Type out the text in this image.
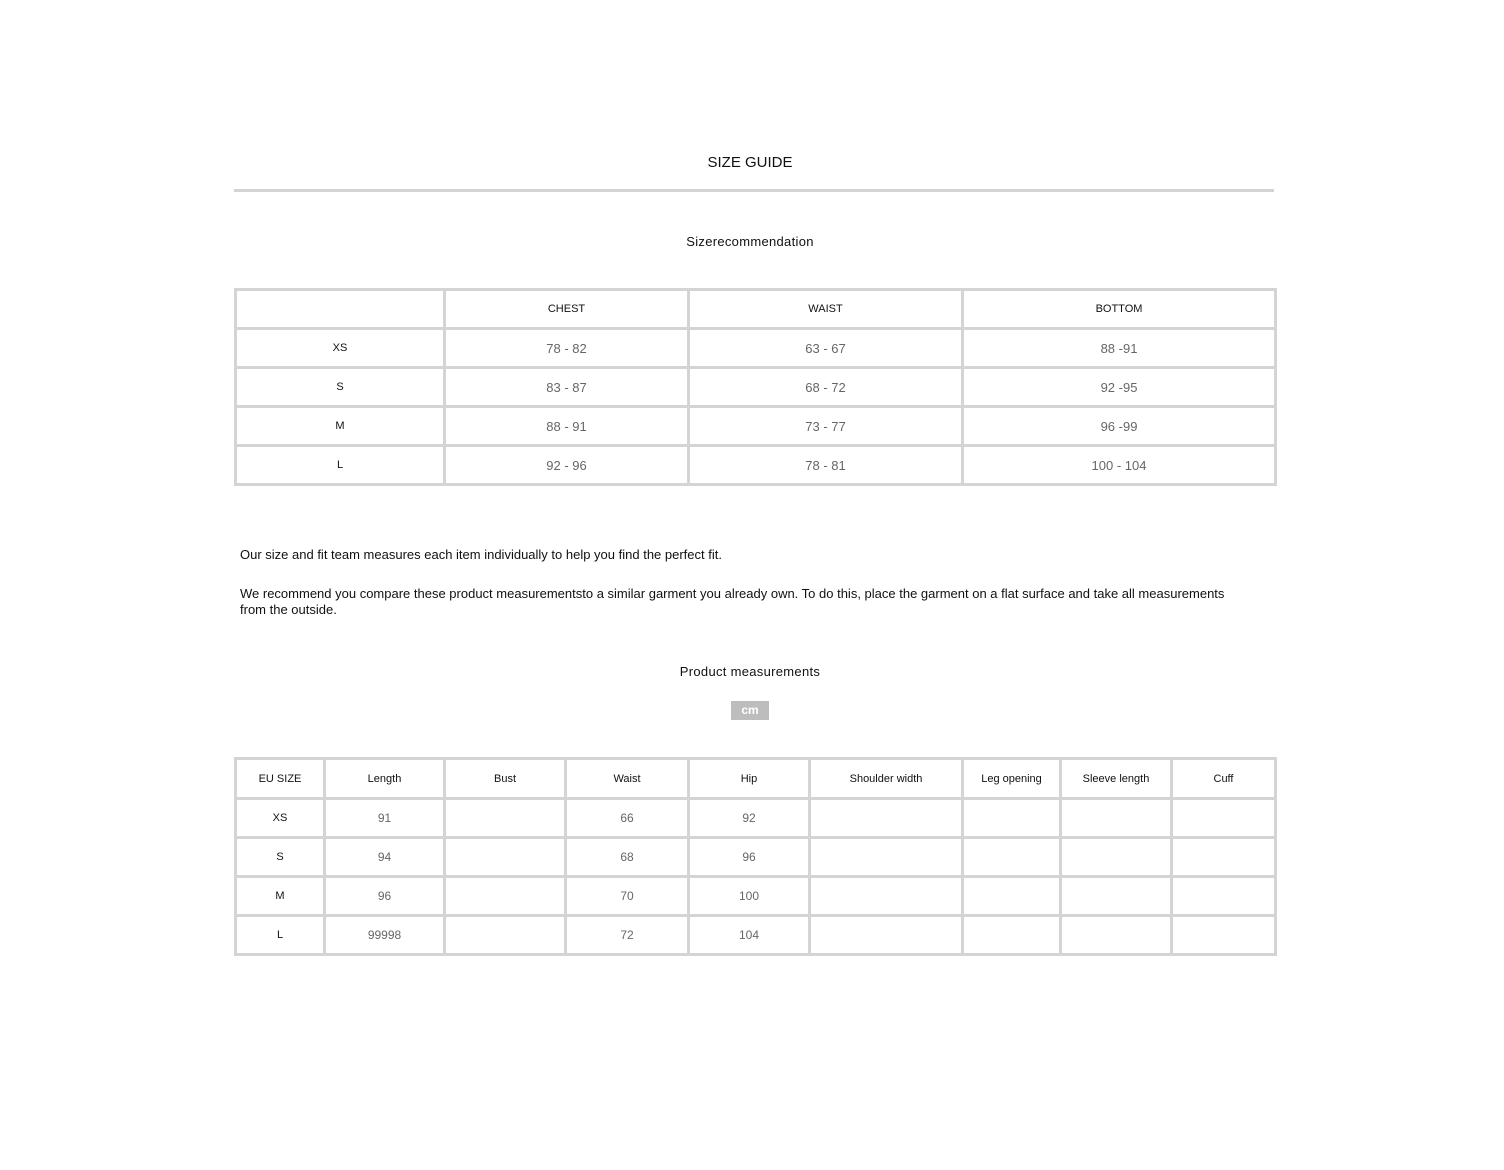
SIZE GUIDE
Sizerecommendation
	CHEST	WAIST	BOTTOM
XS	78 - 82	63 - 67	88 -91
S	83 - 87	68 - 72	92 -95
M	88 - 91	73 - 77	96 -99
L	92 - 96	78 - 81	100 - 104
Our size and fit team measures each item individually to help you find the perfect fit.
We recommend you compare these product measurementsto a similar garment you already own. To do this, place the garment on a flat surface and take all measurements from the outside.
Product measurements
cm
EU SIZE	Length	Bust	Waist	Hip	Shoulder width	Leg opening	Sleeve length	Cuff
XS	91		66	92				
S	94		68	96				
M	96		70	100				
L	99998		72	104				
